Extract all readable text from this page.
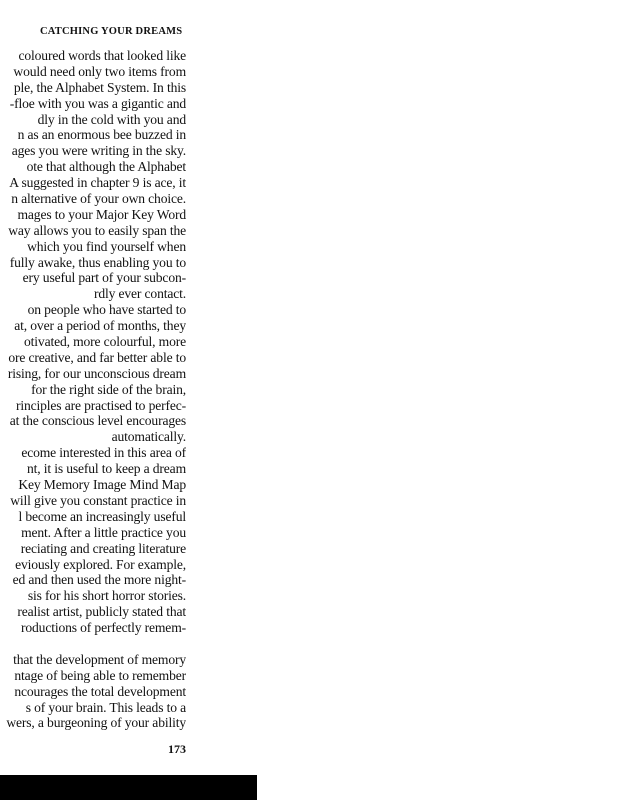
CATCHING YOUR DREAMS
coloured words that looked like
would need only two items from
ple, the Alphabet System. In this
-floe with you was a gigantic and
dly in the cold with you and
n as an enormous bee buzzed in
ages you were writing in the sky.
ote that although the Alphabet
A suggested in chapter 9 is ace, it
n alternative of your own choice.
mages to your Major Key Word
way allows you to easily span the
which you find yourself when
fully awake, thus enabling you to
ery useful part of your subcon-
rdly ever contact.
on people who have started to
at, over a period of months, they
otivated, more colourful, more
ore creative, and far better able to
rising, for our unconscious dream
for the right side of the brain,
rinciples are practised to perfec-
at the conscious level encourages
automatically.
ecome interested in this area of
nt, it is useful to keep a dream
Key Memory Image Mind Map
will give you constant practice in
l become an increasingly useful
ment. After a little practice you
reciating and creating literature
eviously explored. For example,
ed and then used the more night-
sis for his short horror stories.
realist artist, publicly stated that
roductions of perfectly remem-
that the development of memory
ntage of being able to remember
ncourages the total development
s of your brain. This leads to a
wers, a burgeoning of your ability
173
